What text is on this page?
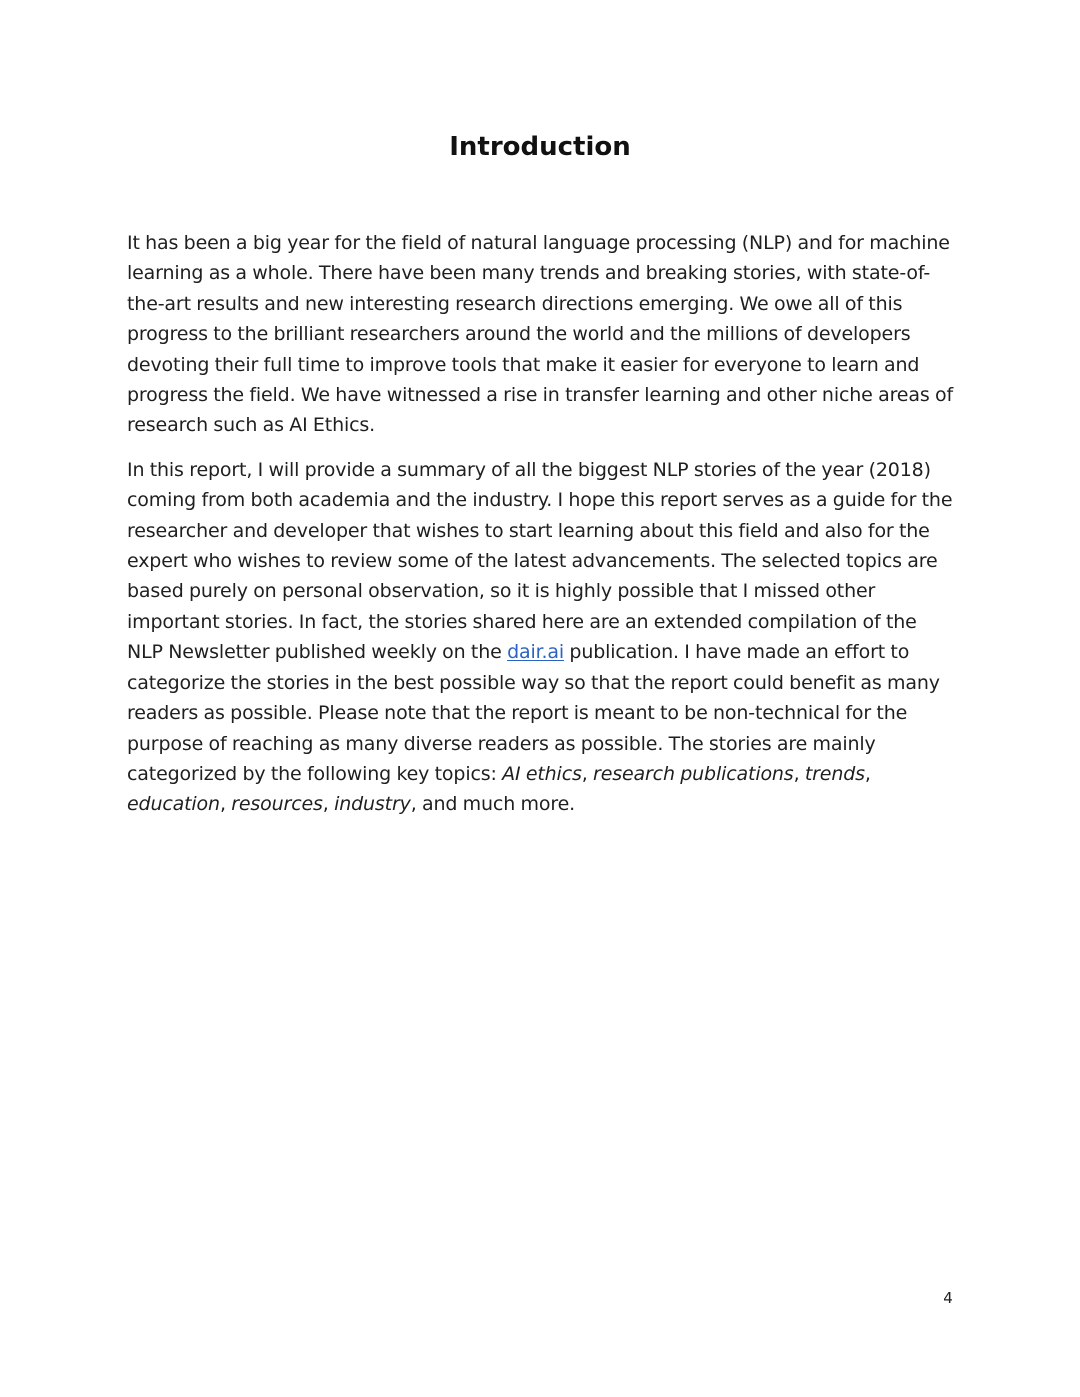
Introduction

It has been a big year for the field of natural language processing (NLP) and for machine learning as a whole. There have been many trends and breaking stories, with state-of-the-art results and new interesting research directions emerging. We owe all of this progress to the brilliant researchers around the world and the millions of developers devoting their full time to improve tools that make it easier for everyone to learn and progress the field. We have witnessed a rise in transfer learning and other niche areas of research such as AI Ethics.

In this report, I will provide a summary of all the biggest NLP stories of the year (2018) coming from both academia and the industry. I hope this report serves as a guide for the researcher and developer that wishes to start learning about this field and also for the expert who wishes to review some of the latest advancements. The selected topics are based purely on personal observation, so it is highly possible that I missed other important stories. In fact, the stories shared here are an extended compilation of the NLP Newsletter published weekly on the dair.ai publication. I have made an effort to categorize the stories in the best possible way so that the report could benefit as many readers as possible. Please note that the report is meant to be non-technical for the purpose of reaching as many diverse readers as possible. The stories are mainly categorized by the following key topics: AI ethics, research publications, trends, education, resources, industry, and much more.

4
